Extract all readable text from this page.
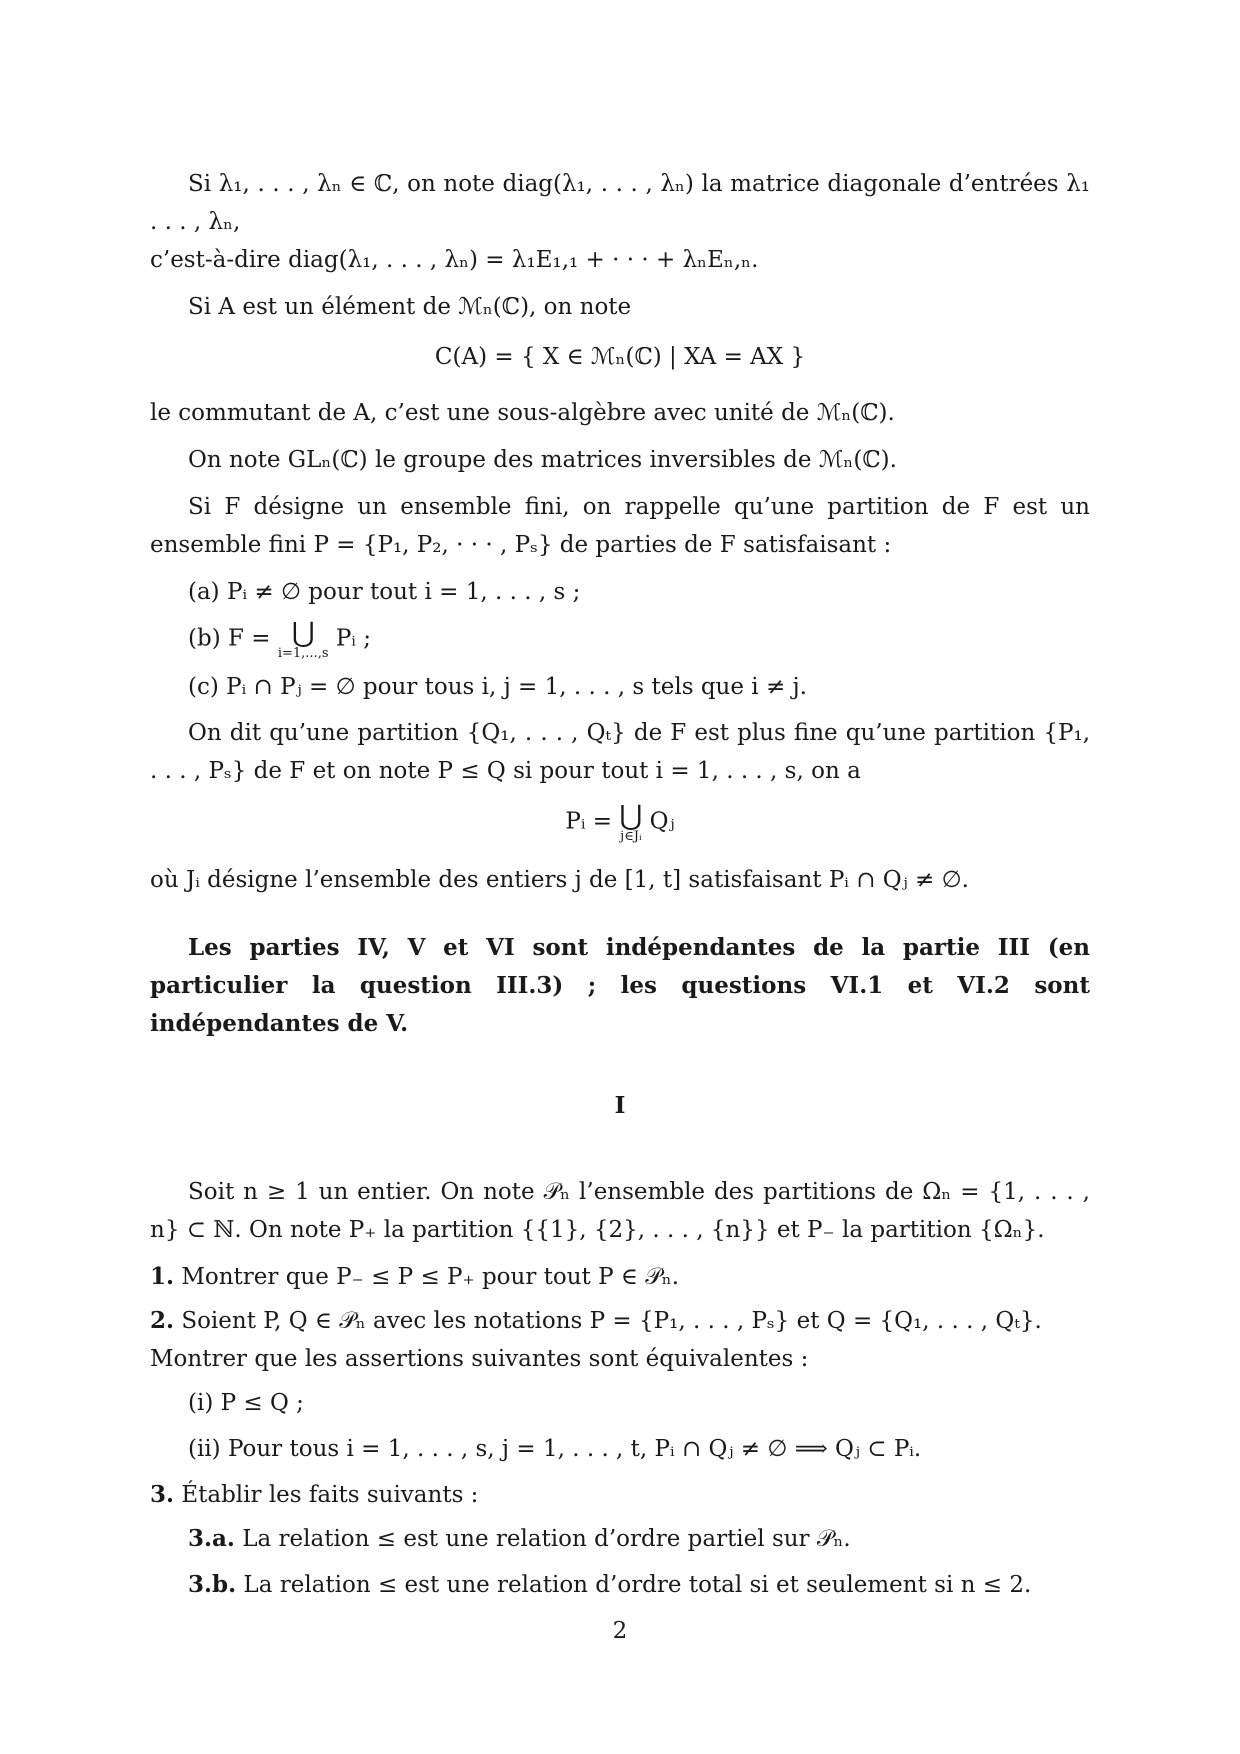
Si λ₁, . . . , λₙ ∈ ℂ, on note diag(λ₁, . . . , λₙ) la matrice diagonale d’entrées λ₁ . . . , λₙ,
c’est-à-dire diag(λ₁, . . . , λₙ) = λ₁E₁,₁ + · · · + λₙEₙ,ₙ.

Si A est un élément de ℳₙ(ℂ), on note

C(A) = { X ∈ ℳₙ(ℂ) | XA = AX }

le commutant de A, c’est une sous-algèbre avec unité de ℳₙ(ℂ).

On note GLₙ(ℂ) le groupe des matrices inversibles de ℳₙ(ℂ).

Si F désigne un ensemble fini, on rappelle qu’une partition de F est un ensemble fini P = {P₁, P₂, · · · , Pₛ} de parties de F satisfaisant :

(a) Pᵢ ≠ ∅ pour tout i = 1, . . . , s ;
(b) F = ⋃
i=1,...,s
Pᵢ ;
(c) Pᵢ ∩ Pⱼ = ∅ pour tous i, j = 1, . . . , s tels que i ≠ j.

On dit qu’une partition {Q₁, . . . , Qₜ} de F est plus fine qu’une partition {P₁, . . . , Pₛ} de F et on note P ≤ Q si pour tout i = 1, . . . , s, on a

Pᵢ = ⋃
j∈Jᵢ
Qⱼ

où Jᵢ désigne l’ensemble des entiers j de [1, t] satisfaisant Pᵢ ∩ Qⱼ ≠ ∅.

Les parties IV, V et VI sont indépendantes de la partie III (en particulier la question III.3) ; les questions VI.1 et VI.2 sont indépendantes de V.

I

Soit n ≥ 1 un entier. On note 𝒫ₙ l’ensemble des partitions de Ωₙ = {1, . . . , n} ⊂ ℕ. On note P₊ la partition {{1}, {2}, . . . , {n}} et P₋ la partition {Ωₙ}.

1. Montrer que P₋ ≤ P ≤ P₊ pour tout P ∈ 𝒫ₙ.
2. Soient P, Q ∈ 𝒫ₙ avec les notations P = {P₁, . . . , Pₛ} et Q = {Q₁, . . . , Qₜ}. Montrer que les assertions suivantes sont équivalentes :
(i) P ≤ Q ;
(ii) Pour tous i = 1, . . . , s, j = 1, . . . , t, Pᵢ ∩ Qⱼ ≠ ∅ ⟹ Qⱼ ⊂ Pᵢ.
3. Établir les faits suivants :
3.a. La relation ≤ est une relation d’ordre partiel sur 𝒫ₙ.
3.b. La relation ≤ est une relation d’ordre total si et seulement si n ≤ 2.
2
